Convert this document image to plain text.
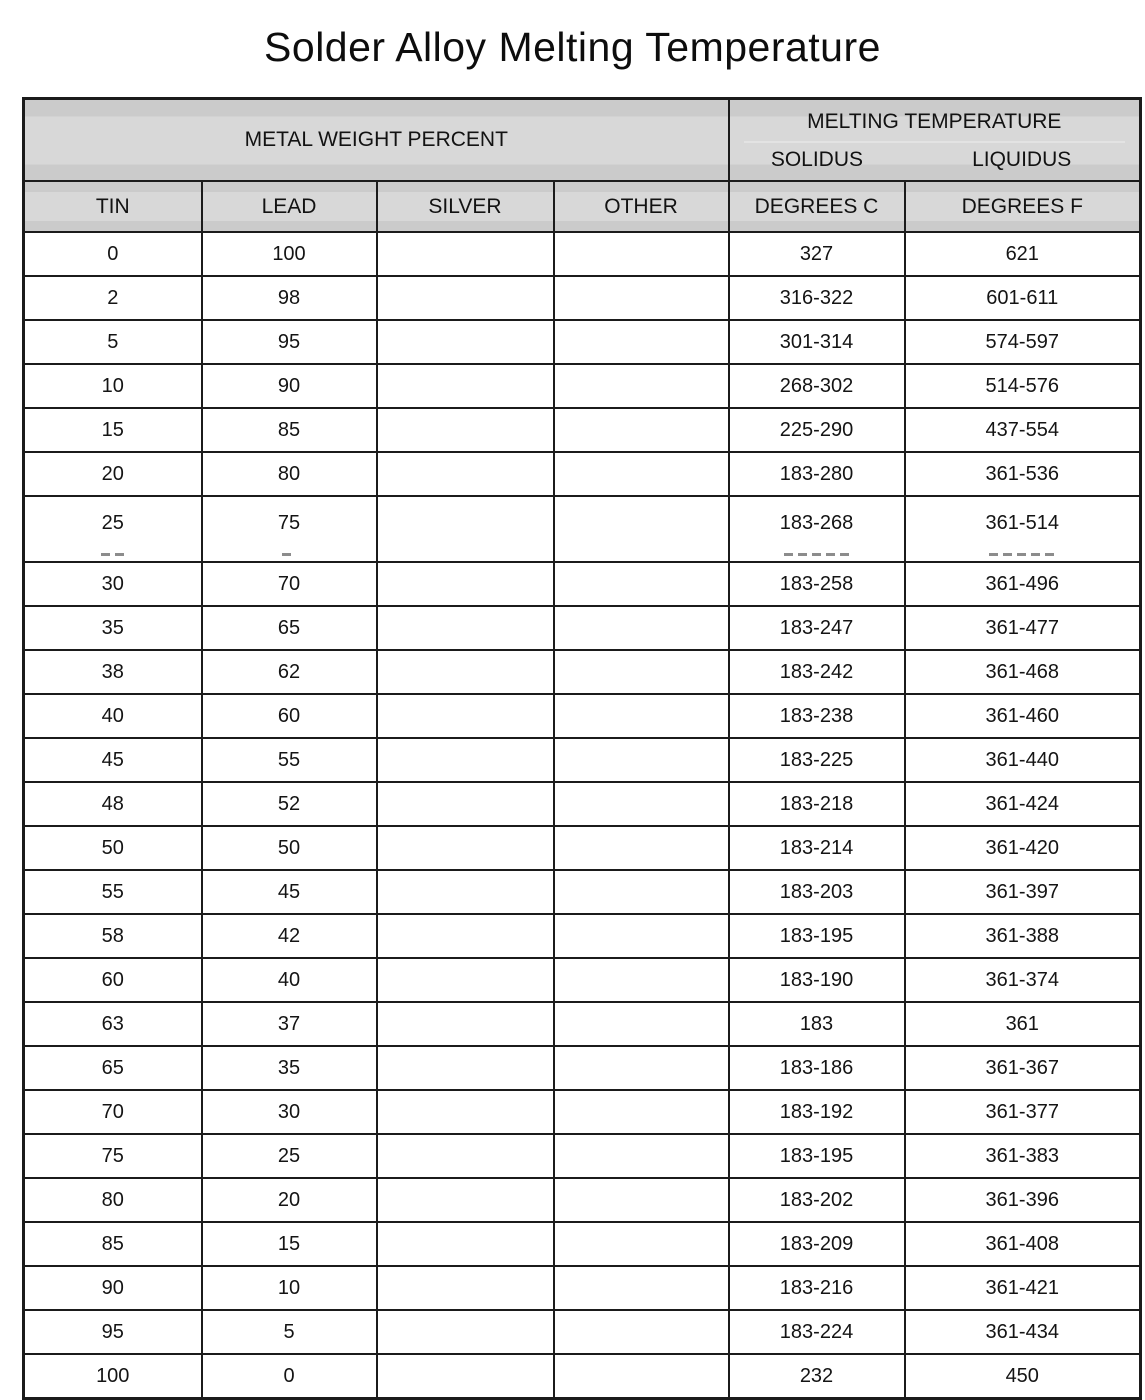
Solder Alloy Melting Temperature
METAL WEIGHT PERCENT				MELTING TEMPERATURE
SOLIDUS LIQUIDUS	

TIN	LEAD	SILVER	OTHER	DEGREES C	DEGREES F
0	100			327	621
2	98			316-322	601-611
5	95			301-314	574-597
10	90			268-302	514-576
15	85			225-290	437-554
20	80			183-280	361-536
25	75			183-268	361-514

30	70			183-258	361-496
35	65			183-247	361-477
38	62			183-242	361-468
40	60			183-238	361-460
45	55			183-225	361-440
48	52			183-218	361-424
50	50			183-214	361-420
55	45			183-203	361-397
58	42			183-195	361-388
60	40			183-190	361-374
63	37			183	361
65	35			183-186	361-367
70	30			183-192	361-377
75	25			183-195	361-383
80	20			183-202	361-396
85	15			183-209	361-408
90	10			183-216	361-421
95	5			183-224	361-434
100	0			232	450
